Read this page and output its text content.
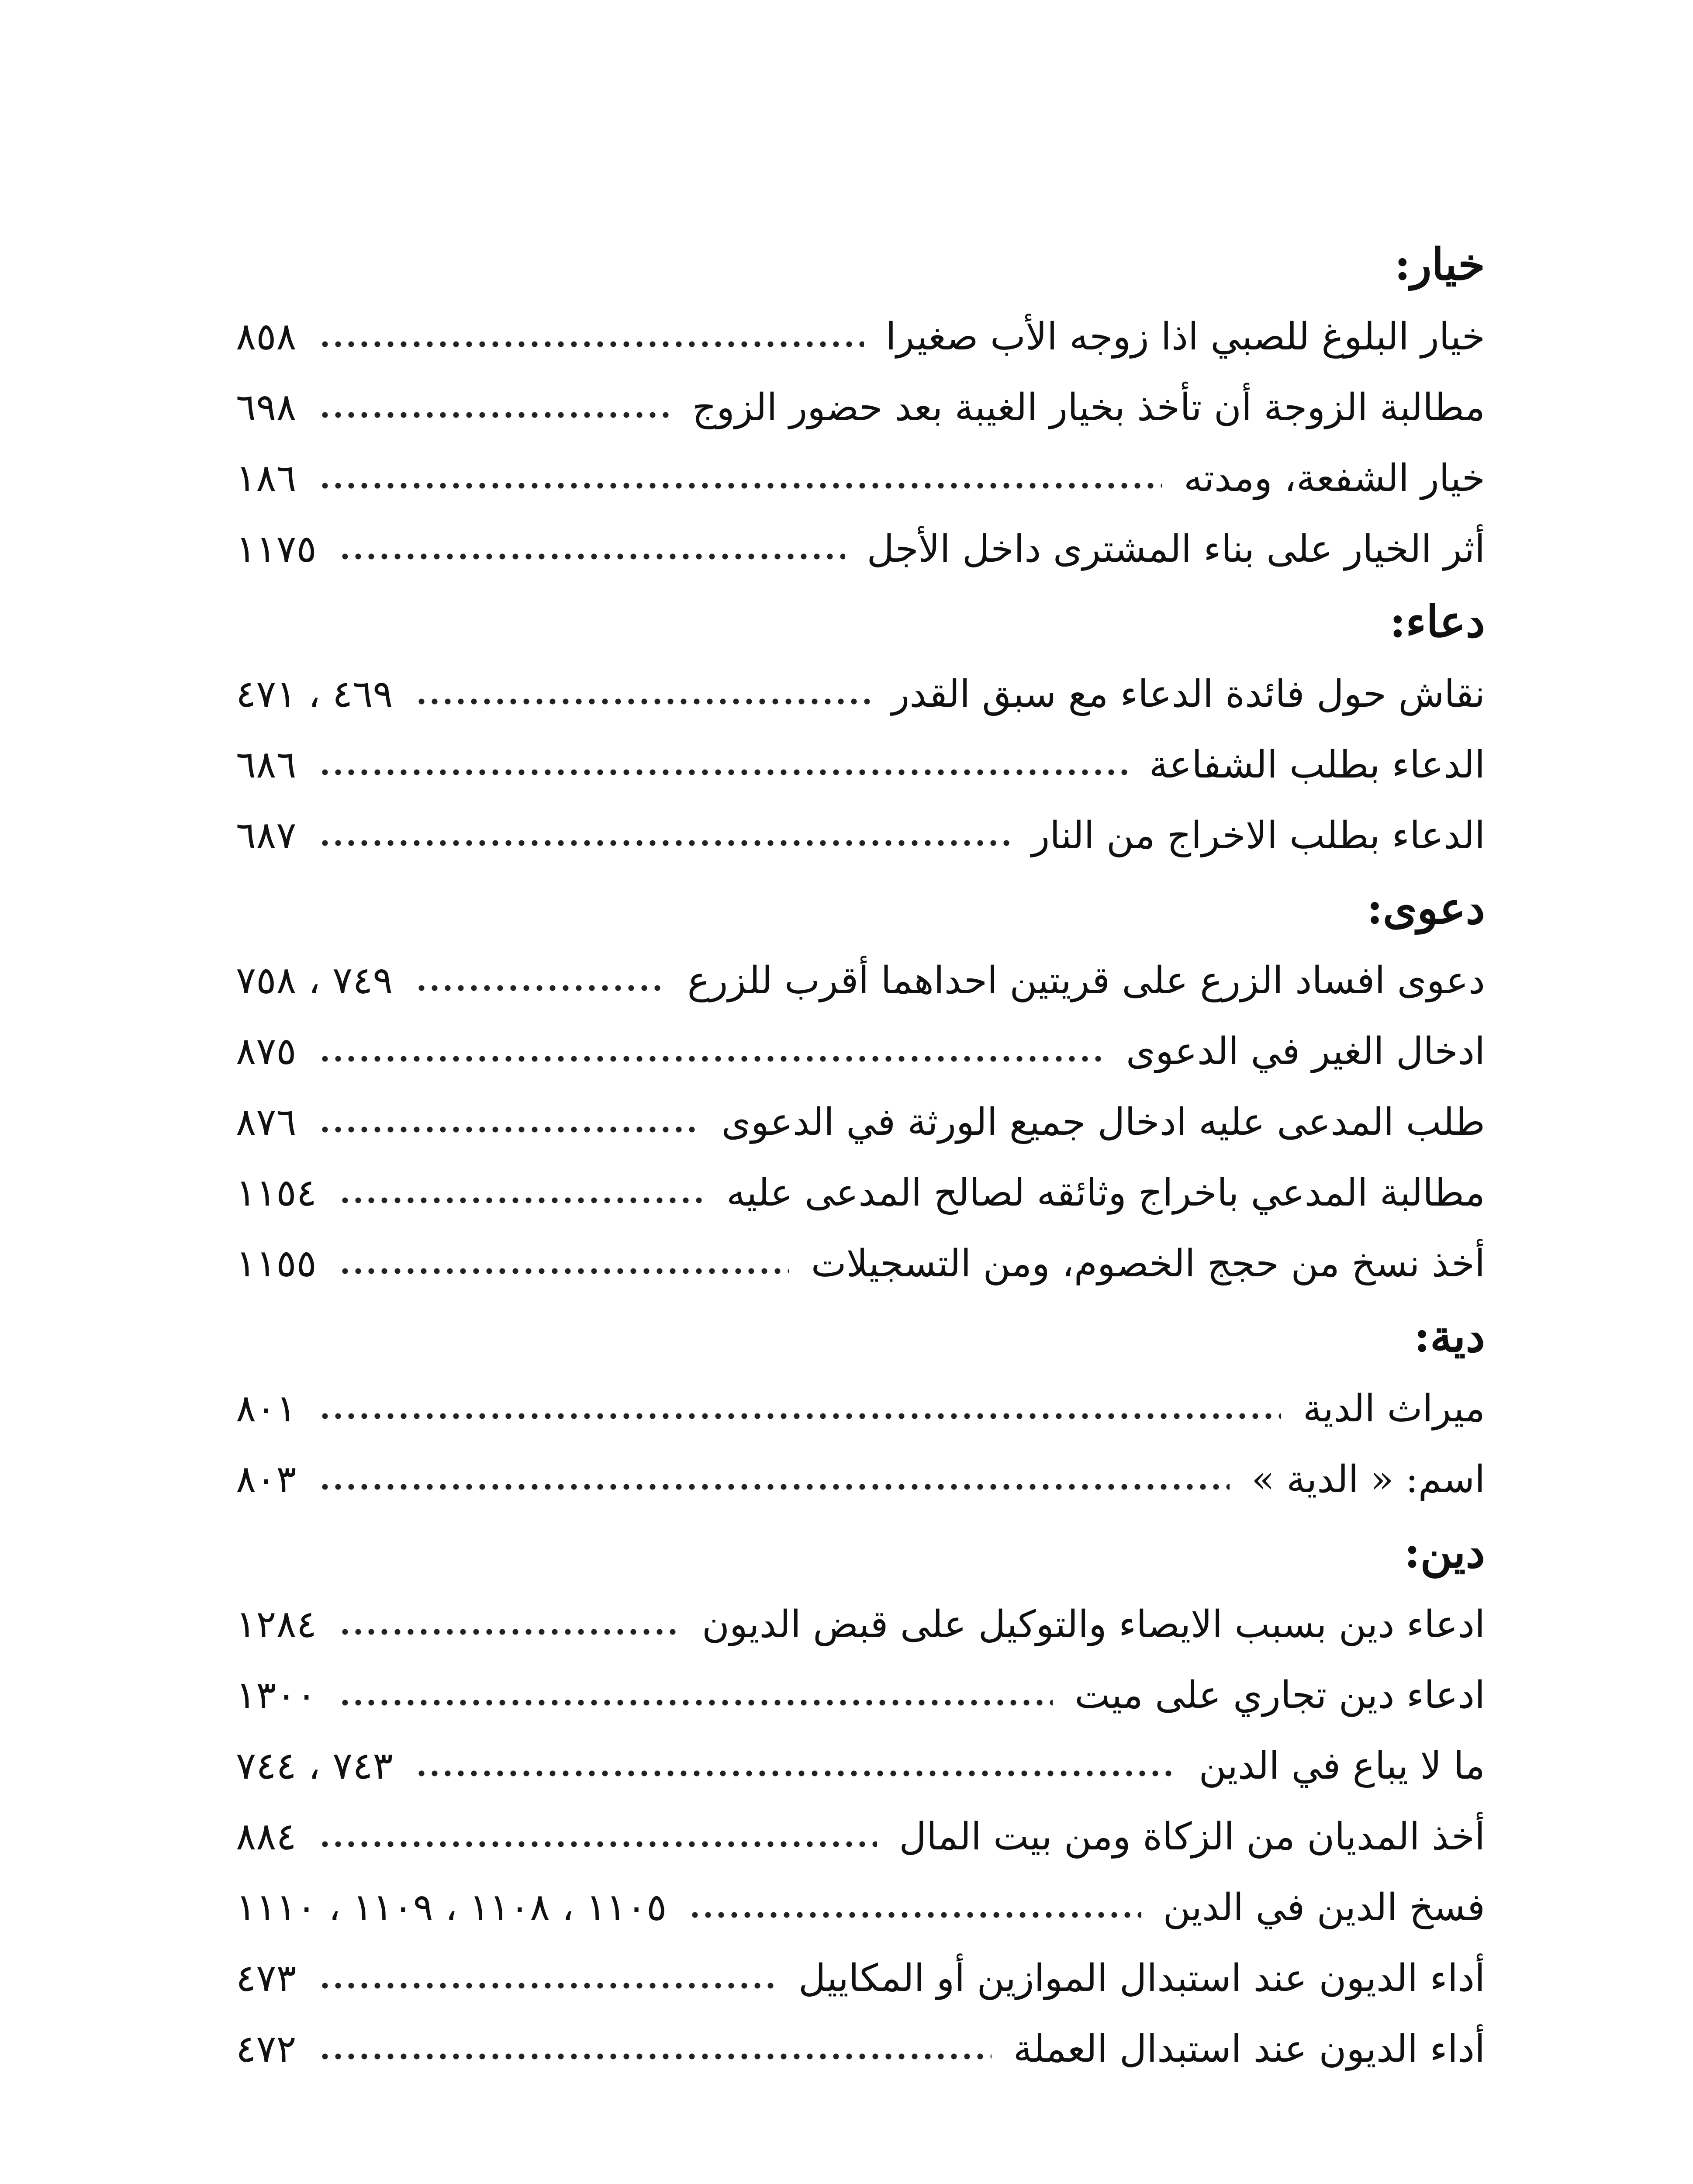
خيار:
خيار البلوغ للصبي اذا زوجه الأب صغيرا
٨٥٨
مطالبة الزوجة أن تأخذ بخيار الغيبة بعد حضور الزوج
٦٩٨
خيار الشفعة، ومدته
١٨٦
أثر الخيار على بناء المشترى داخل الأجل
١١٧٥
دعاء:
نقاش حول فائدة الدعاء مع سبق القدر
٤٦٩ ، ٤٧١
الدعاء بطلب الشفاعة
٦٨٦
الدعاء بطلب الاخراج من النار
٦٨٧
دعوى:
دعوى افساد الزرع على قريتين احداهما أقرب للزرع
٧٤٩ ، ٧٥٨
ادخال الغير في الدعوى
٨٧٥
طلب المدعى عليه ادخال جميع الورثة في الدعوى
٨٧٦
مطالبة المدعي باخراج وثائقه لصالح المدعى عليه
١١٥٤
أخذ نسخ من حجج الخصوم، ومن التسجيلات
١١٥٥
دية:
ميراث الدية
٨٠١
اسم: « الدية »
٨٠٣
دين:
ادعاء دين بسبب الايصاء والتوكيل على قبض الديون
١٢٨٤
ادعاء دين تجاري على ميت
١٣٠٠
ما لا يباع في الدين
٧٤٣ ، ٧٤٤
أخذ المديان من الزكاة ومن بيت المال
٨٨٤
فسخ الدين في الدين
١١٠٥ ، ١١٠٨ ، ١١٠٩ ، ١١١٠
أداء الديون عند استبدال الموازين أو المكاييل
٤٧٣
أداء الديون عند استبدال العملة
٤٧٢
